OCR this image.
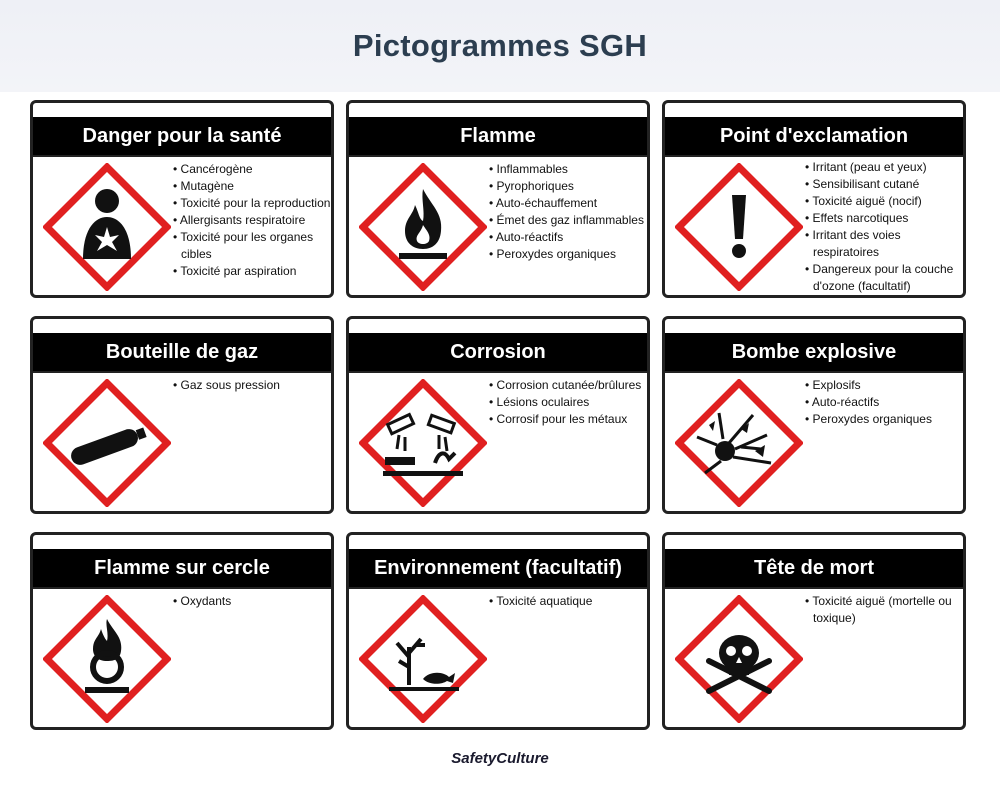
Pictogrammes SGH
Danger pour la santé
• Cancérogène
• Mutagène
• Toxicité pour la reproduction
• Allergisants respiratoire
• Toxicité pour les organes cibles
• Toxicité par aspiration
Flamme
• Inflammables
• Pyrophoriques
• Auto-échauffement
• Émet des gaz inflammables
• Auto-réactifs
• Peroxydes organiques
Point d'exclamation
• Irritant (peau et yeux)
• Sensibilisant cutané
• Toxicité aiguë (nocif)
• Effets narcotiques
• Irritant des voies respiratoires
• Dangereux pour la couche d'ozone (facultatif)
Bouteille de gaz
• Gaz sous pression
Corrosion
• Corrosion cutanée/brûlures
• Lésions oculaires
• Corrosif pour les métaux
Bombe explosive
• Explosifs
• Auto-réactifs
• Peroxydes organiques
Flamme sur cercle
• Oxydants
Environnement (facultatif)
• Toxicité aquatique
Tête de mort
• Toxicité aiguë (mortelle ou toxique)
SafetyCulture
